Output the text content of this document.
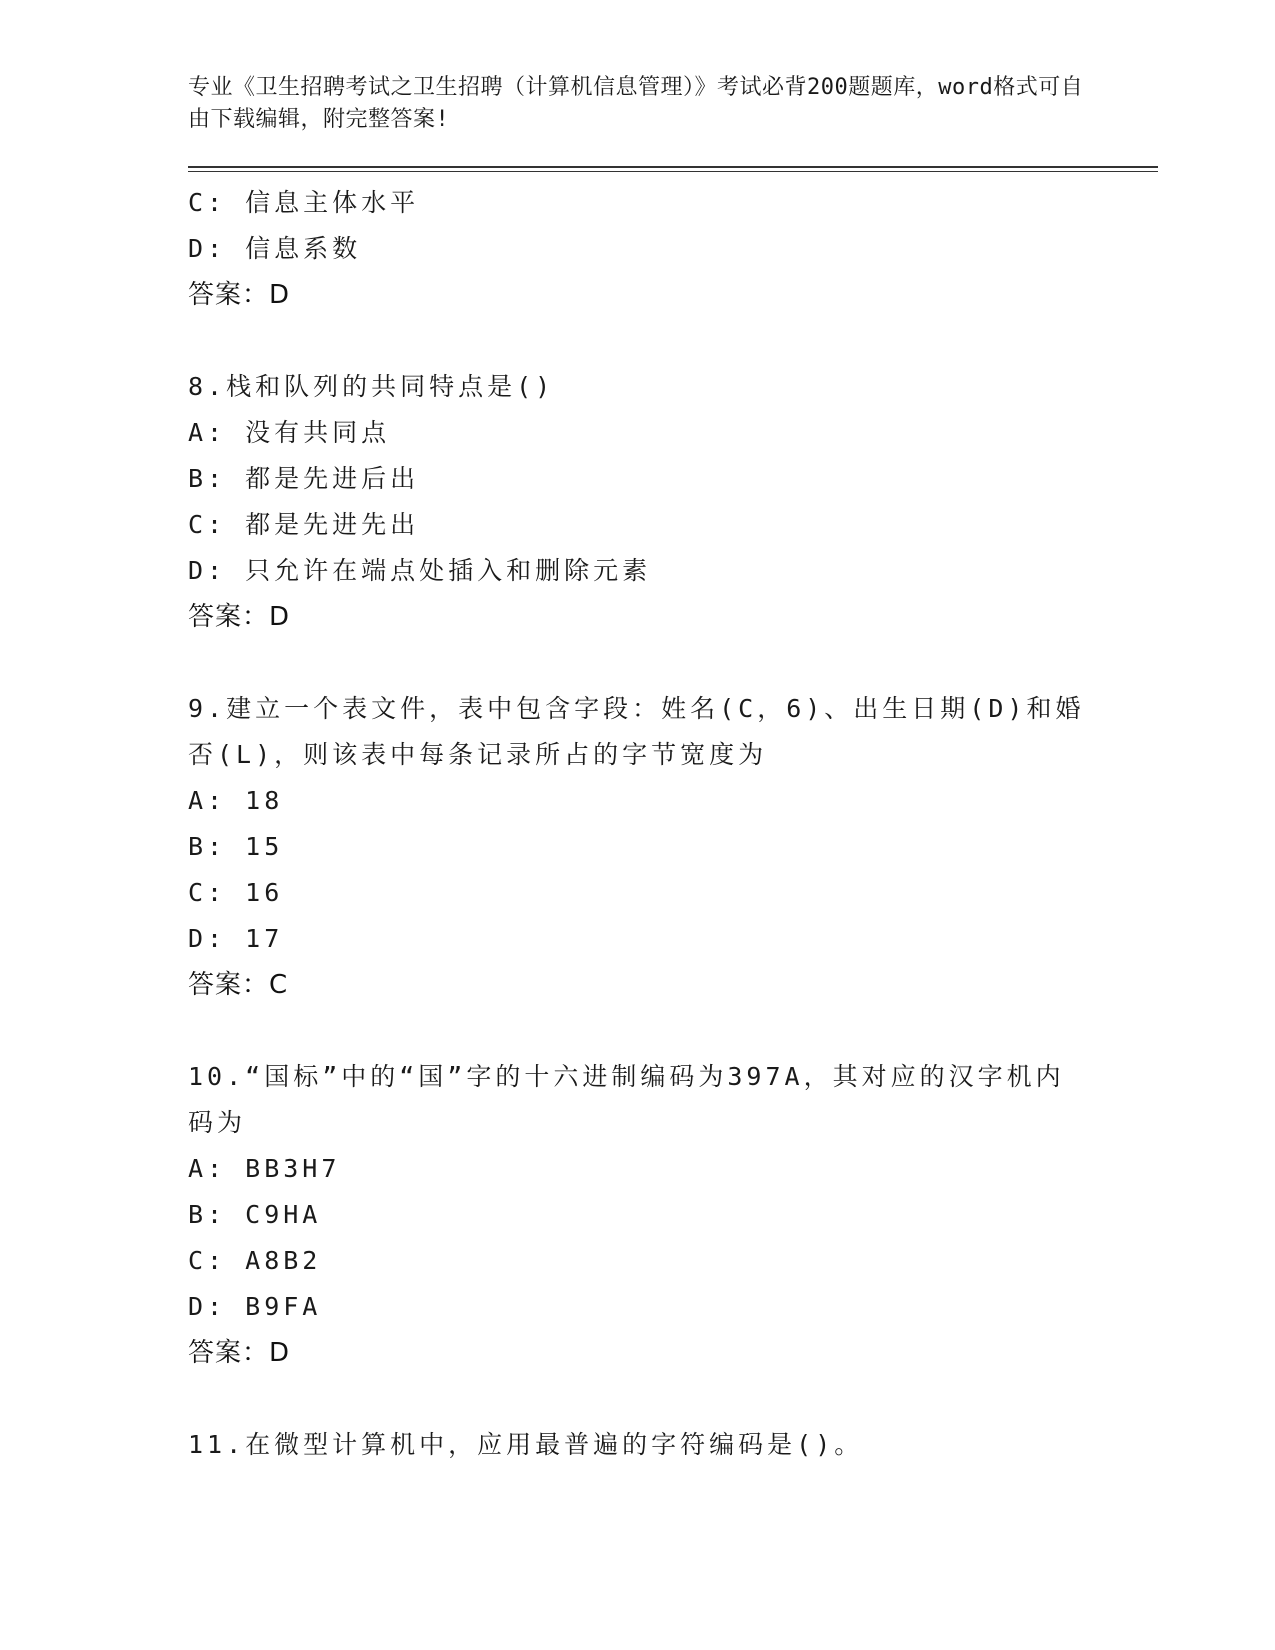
专业《卫生招聘考试之卫生招聘（计算机信息管理）》考试必背200题题库，word格式可自由下载编辑，附完整答案!
C: 信息主体水平
D: 信息系数
答案：D
8.栈和队列的共同特点是()
A: 没有共同点
B: 都是先进后出
C: 都是先进先出
D: 只允许在端点处插入和删除元素
答案：D
9.建立一个表文件，表中包含字段：姓名(C，6)、出生日期(D)和婚否(L)，则该表中每条记录所占的字节宽度为
A: 18
B: 15
C: 16
D: 17
答案：C
10.“国标”中的“国”字的十六进制编码为397A，其对应的汉字机内码为
A: BB3H7
B: C9HA
C: A8B2
D: B9FA
答案：D
11.在微型计算机中，应用最普遍的字符编码是()。
